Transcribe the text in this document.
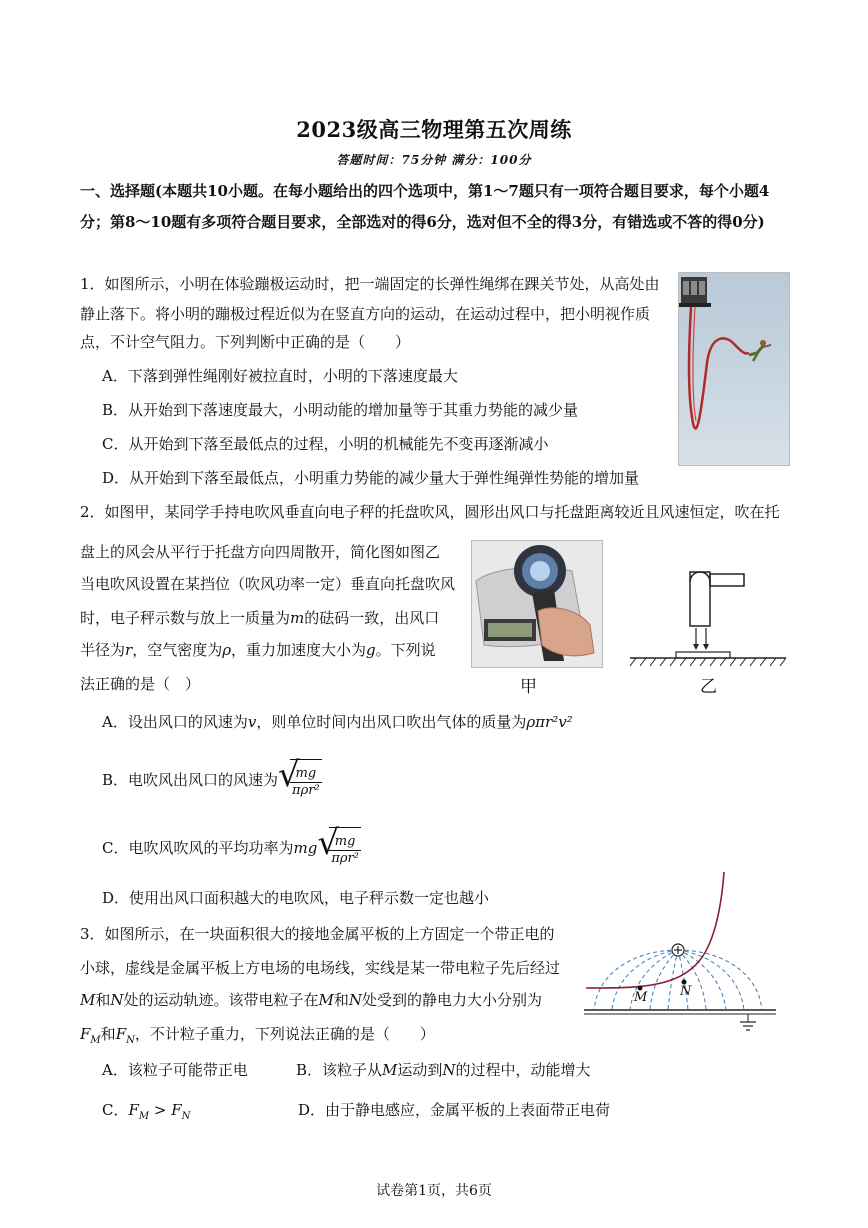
2023级高三物理第五次周练
答题时间：75分钟 满分：100分
一、选择题(本题共10小题。在每小题给出的四个选项中，第1～7题只有一项符合题目要求，每个小题4分；第8～10题有多项符合题目要求，全部选对的得6分，选对但不全的得3分，有错选或不答的得0分)
1．如图所示，小明在体验蹦极运动时，把一端固定的长弹性绳绑在踝关节处，从高处由
静止落下。将小明的蹦极过程近似为在竖直方向的运动，在运动过程中，把小明视作质
点，不计空气阻力。下列判断中正确的是（　　）
A．下落到弹性绳刚好被拉直时，小明的下落速度最大
B．从开始到下落速度最大，小明动能的增加量等于其重力势能的减少量
C．从开始到下落至最低点的过程，小明的机械能先不变再逐渐减小
D．从开始到下落至最低点，小明重力势能的减少量大于弹性绳弹性势能的增加量
2．如图甲，某同学手持电吹风垂直向电子秤的托盘吹风，圆形出风口与托盘距离较近且风速恒定，吹在托
盘上的风会从平行于托盘方向四周散开，简化图如图乙
当电吹风设置在某挡位（吹风功率一定）垂直向托盘吹风
时，电子秤示数与放上一质量为m的砝码一致，出风口
半径为r，空气密度为ρ，重力加速度大小为g。下列说
法正确的是（　）	甲	乙
A．设出风口的风速为v，则单位时间内出风口吹出气体的质量为ρπr²v²
B．电吹风出风口的风速为 √
$\frac{mg}{\text{πρr²}}$
C．电吹风吹风的平均功率为mg √
$\frac{mg}{\text{πρr²}}$
D．使用出风口面积越大的电吹风，电子秤示数一定也越小
3．如图所示，在一块面积很大的接地金属平板的上方固定一个带正电的
小球，虚线是金属平板上方电场的电场线，实线是某一带电粒子先后经过
M和N处的运动轨迹。该带电粒子在M和N处受到的静电力大小分别为
$F_M$和$F_N$，不计粒子重力，下列说法正确的是（　　）
M	N
A．该粒子可能带正电	B．该粒子从M运动到N的过程中，动能增大
C．$F_M > F_N$	D．由于静电感应，金属平板的上表面带正电荷
试卷第1页，共6页
